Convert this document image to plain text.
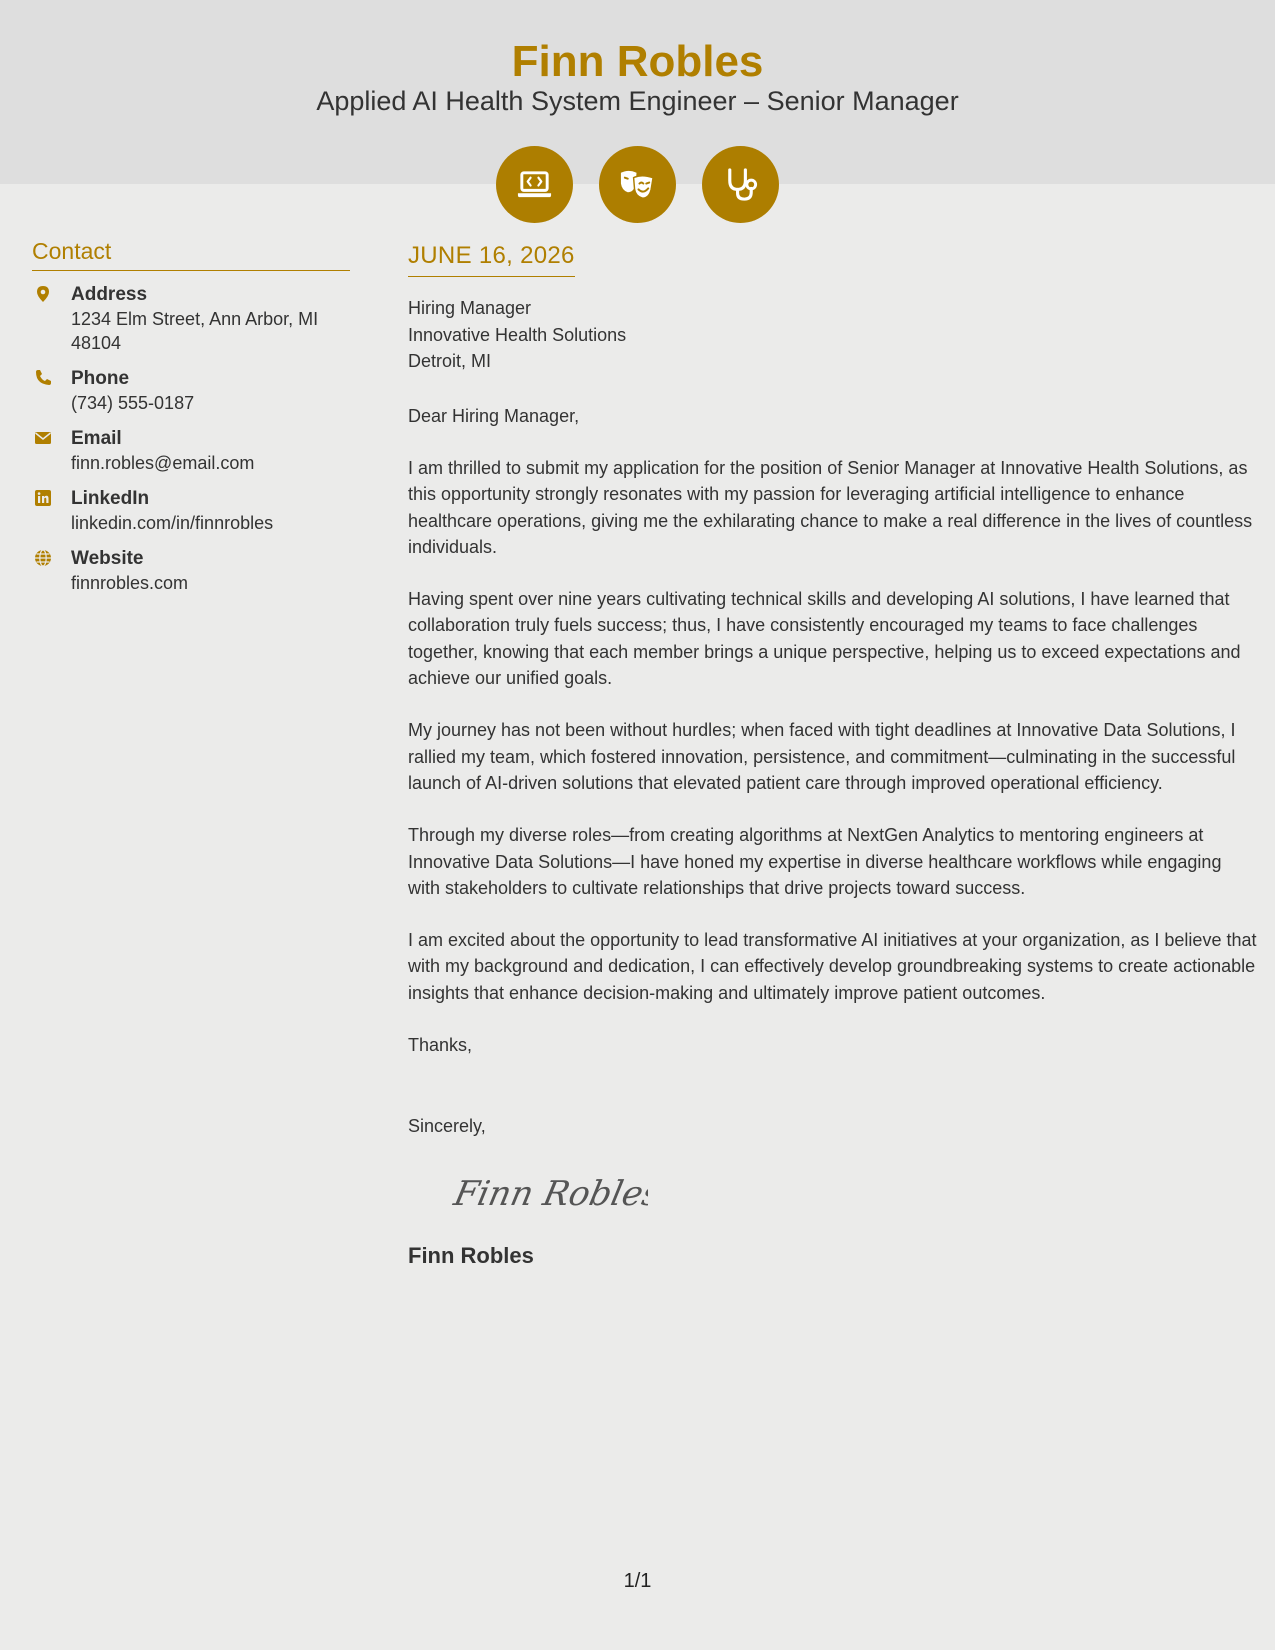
Finn Robles
Applied AI Health System Engineer – Senior Manager
Contact
Address
1234 Elm Street, Ann Arbor, MI 48104
Phone
(734) 555-0187
Email
finn.robles@email.com
LinkedIn
linkedin.com/in/finnrobles
Website
finnrobles.com
JUNE 16, 2026
Hiring Manager
Innovative Health Solutions
Detroit, MI
Dear Hiring Manager,
I am thrilled to submit my application for the position of Senior Manager at Innovative Health Solutions, as this opportunity strongly resonates with my passion for leveraging artificial intelligence to enhance healthcare operations, giving me the exhilarating chance to make a real difference in the lives of countless individuals.
Having spent over nine years cultivating technical skills and developing AI solutions, I have learned that collaboration truly fuels success; thus, I have consistently encouraged my teams to face challenges together, knowing that each member brings a unique perspective, helping us to exceed expectations and achieve our unified goals.
My journey has not been without hurdles; when faced with tight deadlines at Innovative Data Solutions, I rallied my team, which fostered innovation, persistence, and commitment—culminating in the successful launch of AI-driven solutions that elevated patient care through improved operational efficiency.
Through my diverse roles—from creating algorithms at NextGen Analytics to mentoring engineers at Innovative Data Solutions—I have honed my expertise in diverse healthcare workflows while engaging with stakeholders to cultivate relationships that drive projects toward success.
I am excited about the opportunity to lead transformative AI initiatives at your organization, as I believe that with my background and dedication, I can effectively develop groundbreaking systems to create actionable insights that enhance decision-making and ultimately improve patient outcomes.
Thanks,
Sincerely,
Finn Robles
Finn Robles
1/1
